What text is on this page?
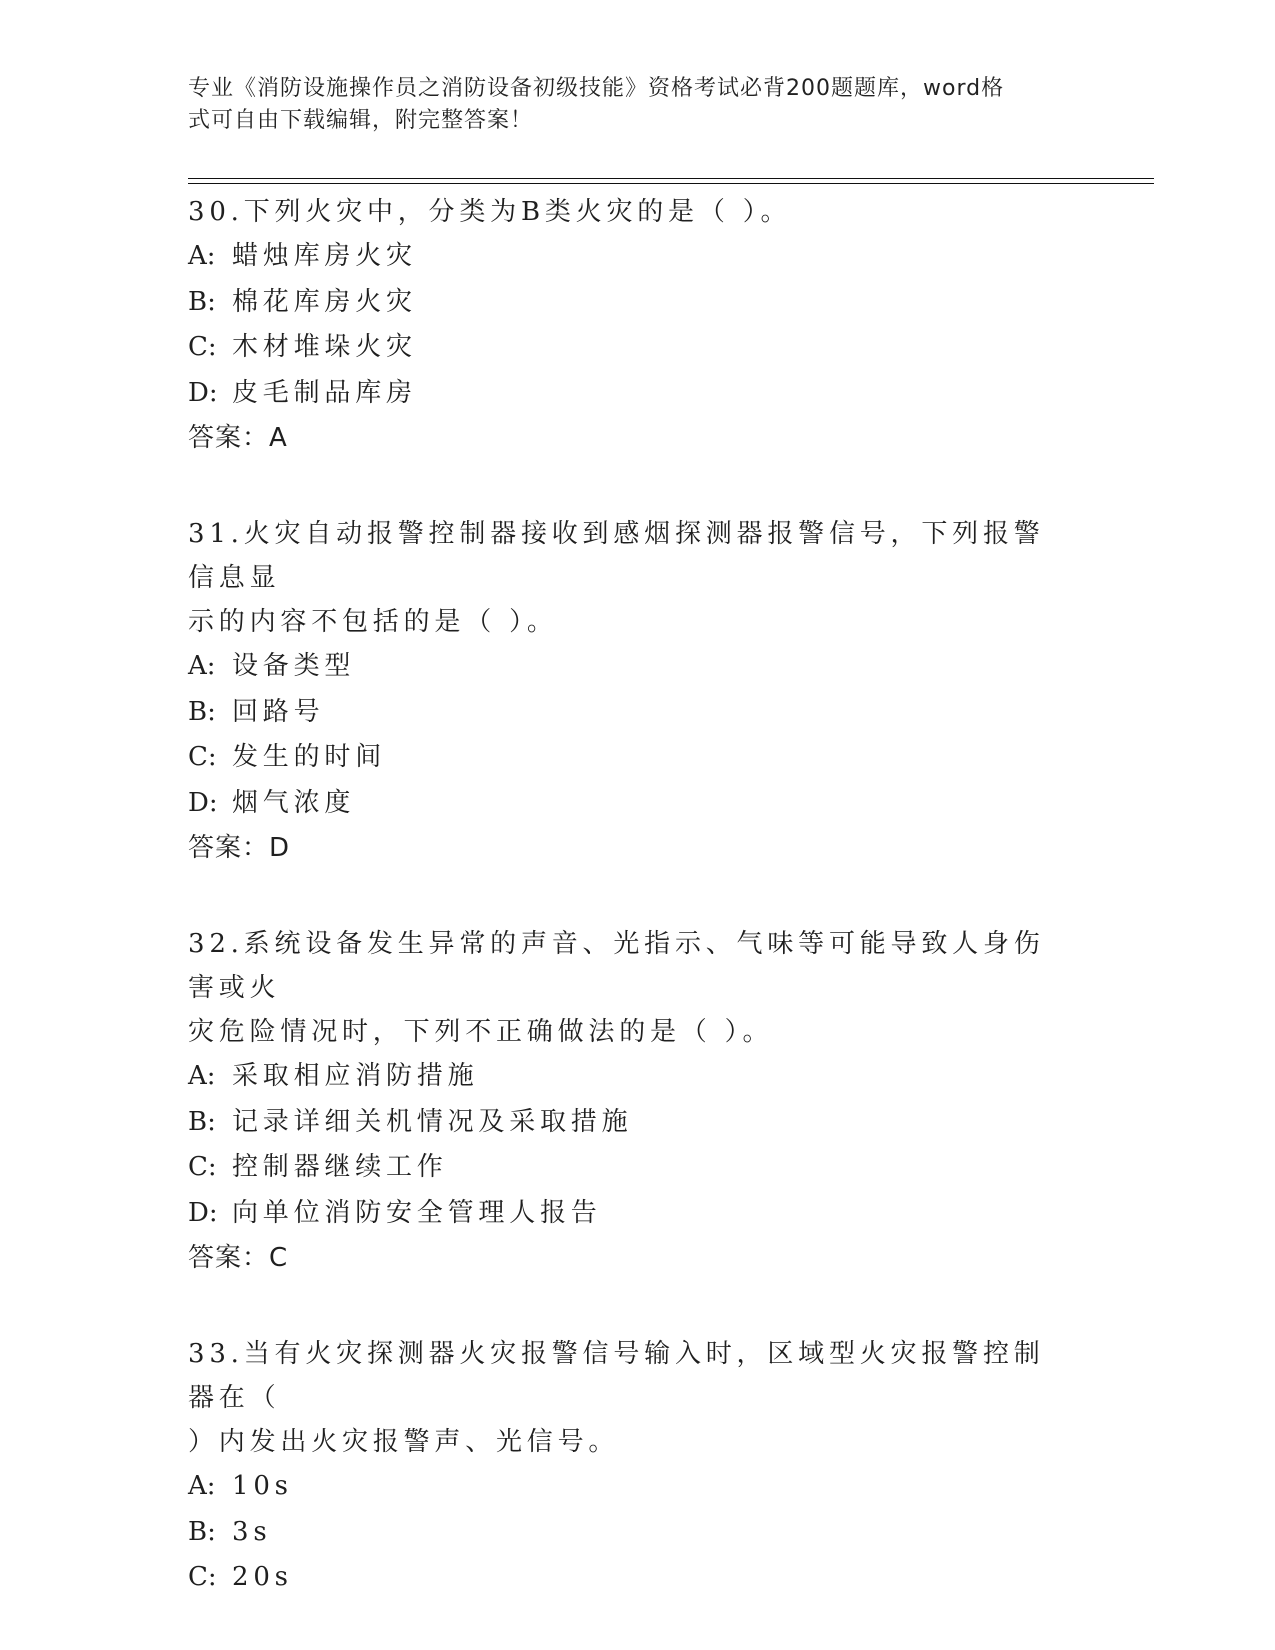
专业《消防设施操作员之消防设备初级技能》资格考试必背200题题库，word格
式可自由下载编辑，附完整答案！
30.下列火灾中，分类为B类火灾的是（ ）。
A: 蜡烛库房火灾
B: 棉花库房火灾
C: 木材堆垛火灾
D: 皮毛制品库房
答案：A
31.火灾自动报警控制器接收到感烟探测器报警信号，下列报警信息显
示的内容不包括的是（ ）。
A: 设备类型
B: 回路号
C: 发生的时间
D: 烟气浓度
答案：D
32.系统设备发生异常的声音、光指示、气味等可能导致人身伤害或火
灾危险情况时，下列不正确做法的是（ ）。
A: 采取相应消防措施
B: 记录详细关机情况及采取措施
C: 控制器继续工作
D: 向单位消防安全管理人报告
答案：C
33.当有火灾探测器火灾报警信号输入时，区域型火灾报警控制器在（
）内发出火灾报警声、光信号。
A: 10s
B: 3s
C: 20s
